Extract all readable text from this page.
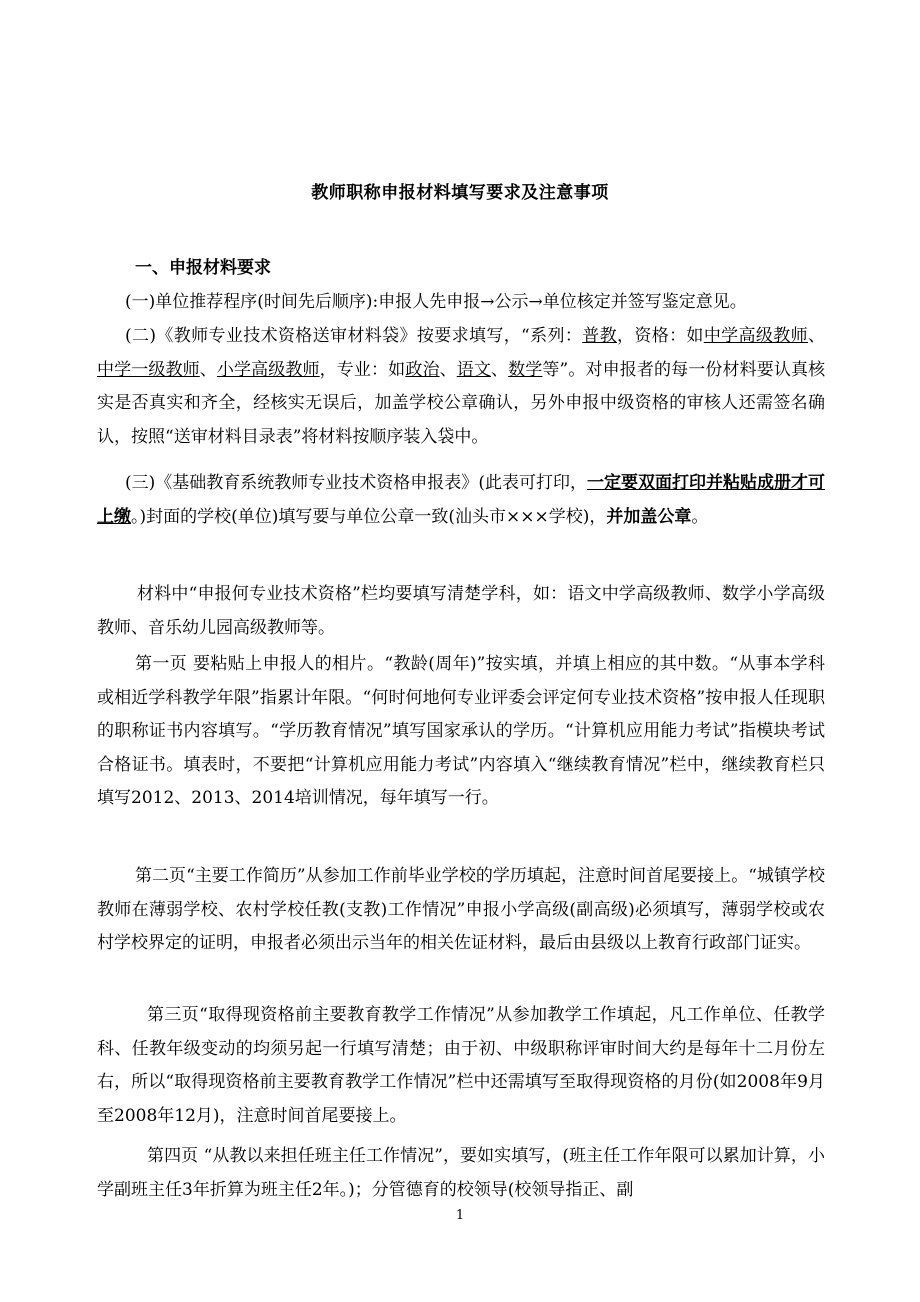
教师职称申报材料填写要求及注意事项
一、申报材料要求

(一)单位推荐程序(时间先后顺序):申报人先申报→公示→单位核定并签写鉴定意见。

(二)《教师专业技术资格送审材料袋》按要求填写，“系列：普教，资格：如中学高级教师、中学一级教师、小学高级教师，专业：如政治、语文、数学等”。对申报者的每一份材料要认真核实是否真实和齐全，经核实无误后，加盖学校公章确认，另外申报中级资格的审核人还需签名确认，按照“送审材料目录表”将材料按顺序装入袋中。

(三)《基础教育系统教师专业技术资格申报表》(此表可打印，一定要双面打印并粘贴成册才可上缴。)封面的学校(单位)填写要与单位公章一致(汕头市×××学校)，并加盖公章。

材料中“申报何专业技术资格”栏均要填写清楚学科，如：语文中学高级教师、数学小学高级教师、音乐幼儿园高级教师等。

第一页 要粘贴上申报人的相片。“教龄(周年)”按实填，并填上相应的其中数。“从事本学科或相近学科教学年限”指累计年限。“何时何地何专业评委会评定何专业技术资格”按申报人任现职的职称证书内容填写。“学历教育情况”填写国家承认的学历。“计算机应用能力考试”指模块考试合格证书。填表时，不要把“计算机应用能力考试”内容填入“继续教育情况”栏中，继续教育栏只填写2012、2013、2014培训情况，每年填写一行。

第二页“主要工作简历”从参加工作前毕业学校的学历填起，注意时间首尾要接上。“城镇学校教师在薄弱学校、农村学校任教(支教)工作情况”申报小学高级(副高级)必须填写，薄弱学校或农村学校界定的证明，申报者必须出示当年的相关佐证材料，最后由县级以上教育行政部门证实。

第三页“取得现资格前主要教育教学工作情况”从参加教学工作填起，凡工作单位、任教学科、任教年级变动的均须另起一行填写清楚；由于初、中级职称评审时间大约是每年十二月份左右，所以“取得现资格前主要教育教学工作情况”栏中还需填写至取得现资格的月份(如2008年9月至2008年12月)，注意时间首尾要接上。

第四页 “从教以来担任班主任工作情况”，要如实填写，(班主任工作年限可以累加计算，小学副班主任3年折算为班主任2年。)；分管德育的校领导(校领导指正、副

1
